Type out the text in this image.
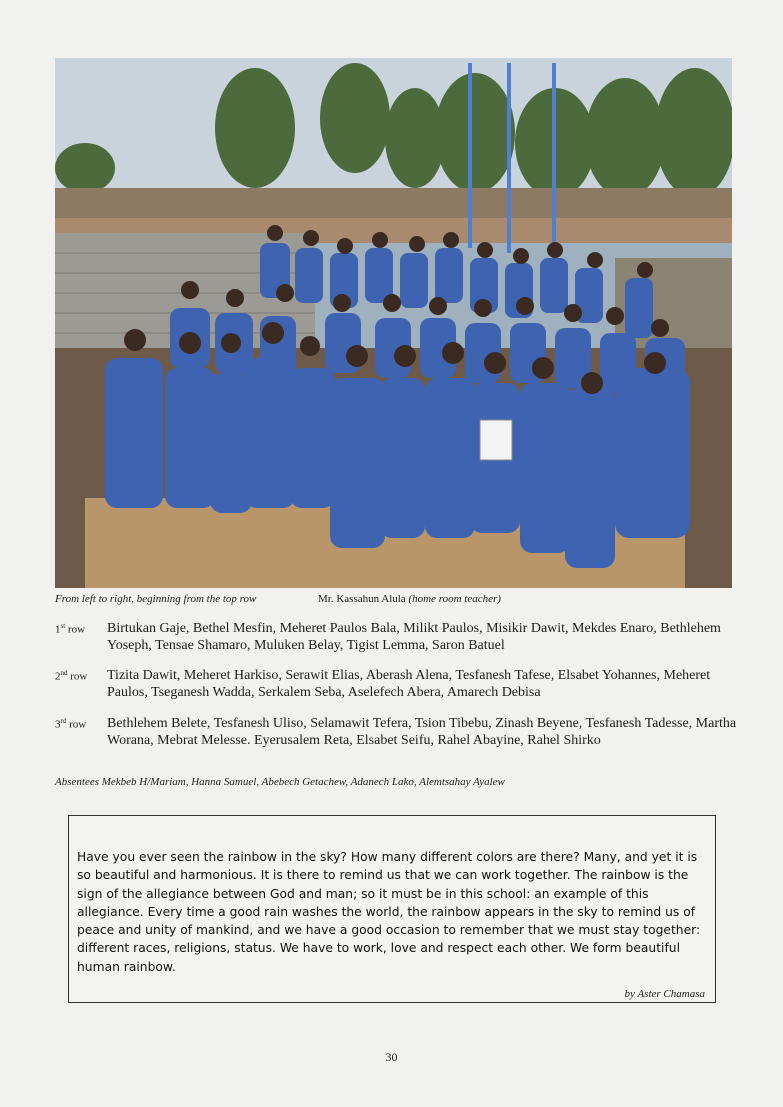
From left to right, beginning from the top row	Mr. Kassahun Alula (home room teacher)
1st row Birtukan Gaje, Bethel Mesfin, Meheret Paulos Bala, Milikt Paulos, Misikir Dawit, Mekdes Enaro, Bethlehem Yoseph, Tensae Shamaro, Muluken Belay, Tigist Lemma, Saron Batuel
2nd row Tizita Dawit, Meheret Harkiso, Serawit Elias, Aberash Alena, Tesfanesh Tafese, Elsabet Yohannes, Meheret Paulos, Tseganesh Wadda, Serkalem Seba, Aselefech Abera, Amarech Debisa
3rd row Bethlehem Belete, Tesfanesh Uliso, Selamawit Tefera, Tsion Tibebu, Zinash Beyene, Tesfanesh Tadesse, Martha Worana, Mebrat Melesse. Eyerusalem Reta, Elsabet Seifu, Rahel Abayine, Rahel Shirko
Absentees Mekbeb H/Mariam, Hanna Samuel, Abebech Getachew, Adanech Lako, Alemtsahay Ayalew
Have you ever seen the rainbow in the sky? How many different colors are there? Many, and yet it is so beautiful and harmonious. It is there to remind us that we can work together. The rainbow is the sign of the allegiance between God and man; so it must be in this school: an example of this allegiance. Every time a good rain washes the world, the rainbow appears in the sky to remind us of peace and unity of mankind, and we have a good occasion to remember that we must stay together: different races, religions, status. We have to work, love and respect each other. We form beautiful human rainbow.
by Aster Chamasa
30
